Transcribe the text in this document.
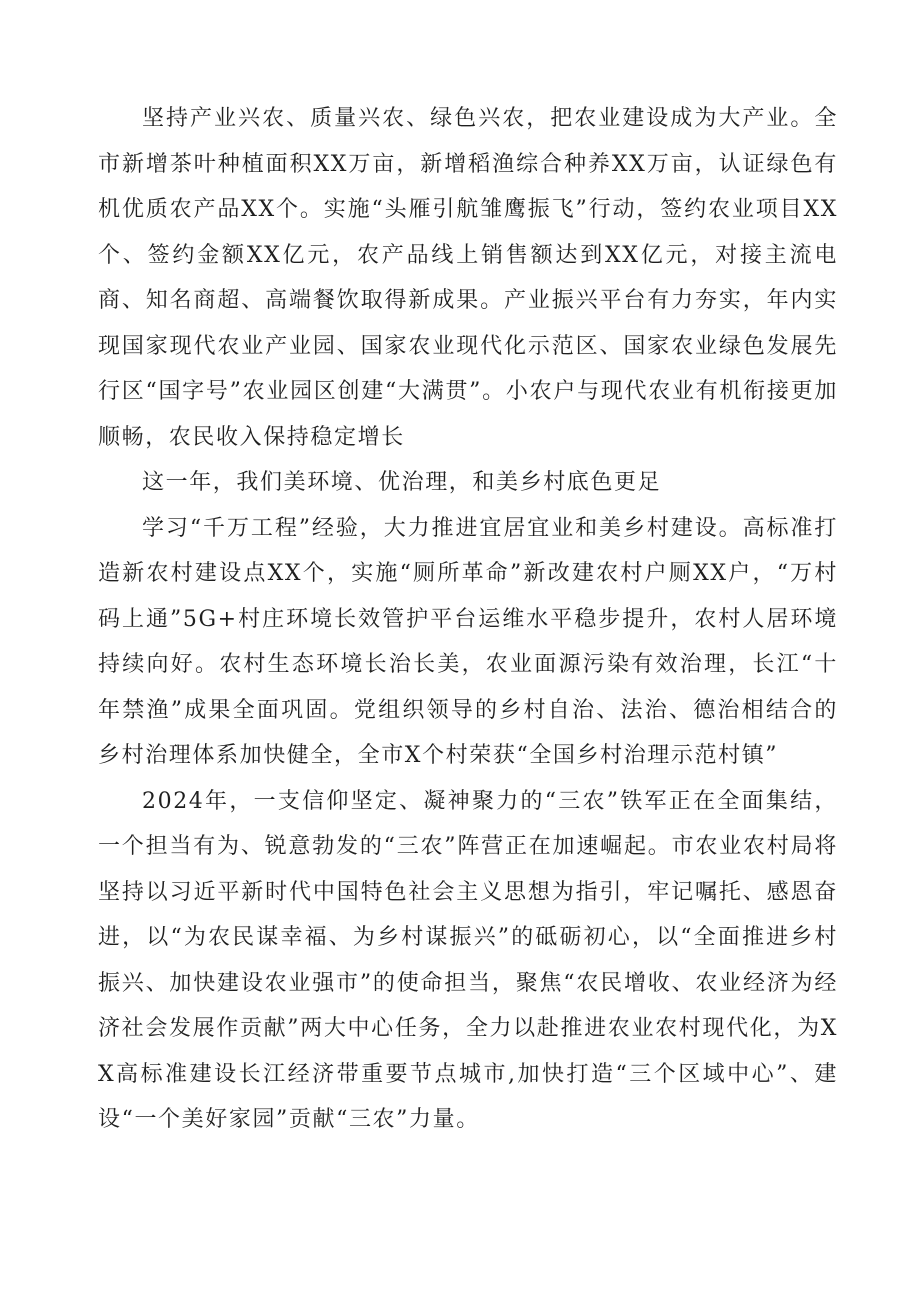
坚持产业兴农、质量兴农、绿色兴农，把农业建设成为大产业。全市新增茶叶种植面积XX万亩，新增稻渔综合种养XX万亩，认证绿色有机优质农产品XX个。实施“头雁引航雏鹰振飞”行动，签约农业项目XX个、签约金额XX亿元，农产品线上销售额达到XX亿元，对接主流电商、知名商超、高端餐饮取得新成果。产业振兴平台有力夯实，年内实现国家现代农业产业园、国家农业现代化示范区、国家农业绿色发展先行区“国字号”农业园区创建“大满贯”。小农户与现代农业有机衔接更加顺畅，农民收入保持稳定增长

这一年，我们美环境、优治理，和美乡村底色更足

学习“千万工程”经验，大力推进宜居宜业和美乡村建设。高标准打造新农村建设点XX个，实施“厕所革命”新改建农村户厕XX户，“万村码上通”5G+村庄环境长效管护平台运维水平稳步提升，农村人居环境持续向好。农村生态环境长治长美，农业面源污染有效治理，长江“十年禁渔”成果全面巩固。党组织领导的乡村自治、法治、德治相结合的乡村治理体系加快健全，全市X个村荣获“全国乡村治理示范村镇”

2024年，一支信仰坚定、凝神聚力的“三农”铁军正在全面集结，一个担当有为、锐意勃发的“三农”阵营正在加速崛起。市农业农村局将坚持以习近平新时代中国特色社会主义思想为指引，牢记嘱托、感恩奋进，以“为农民谋幸福、为乡村谋振兴”的砥砺初心，以“全面推进乡村振兴、加快建设农业强市”的使命担当，聚焦“农民增收、农业经济为经济社会发展作贡献”两大中心任务，全力以赴推进农业农村现代化，为XX高标准建设长江经济带重要节点城市,加快打造“三个区域中心”、建设“一个美好家园”贡献“三农”力量。
